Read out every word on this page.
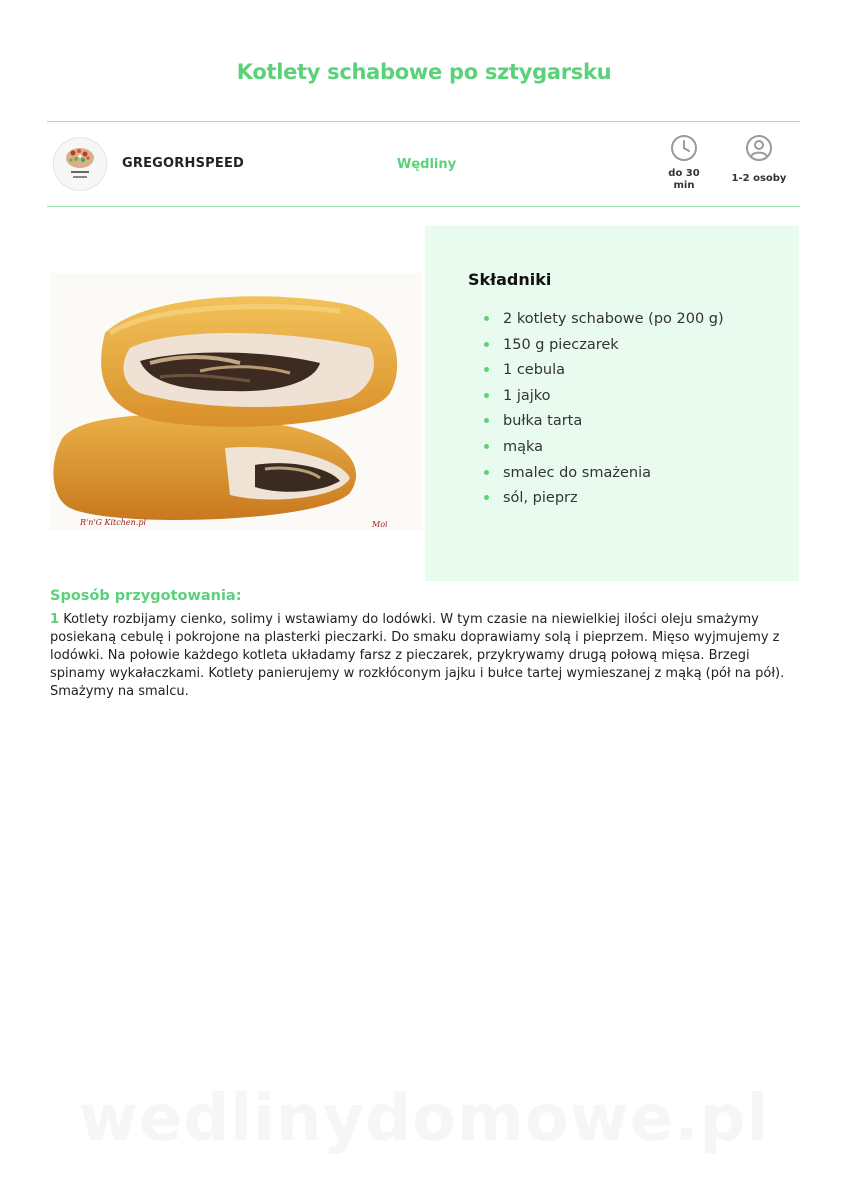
Kotlety schabowe po sztygarsku
GREGORHSPEED	Wędliny
do 30
min
1-2 osoby
R'n'G Kitchen.pl	Moi
Składniki
2 kotlety schabowe (po 200 g)
150 g pieczarek
1 cebula
1 jajko
bułka tarta
mąka
smalec do smażenia
sól, pieprz
Sposób przygotowania:
1 Kotlety rozbijamy cienko, solimy i wstawiamy do lodówki. W tym czasie na niewielkiej ilości oleju smażymy posiekaną cebulę i pokrojone na plasterki pieczarki. Do smaku doprawiamy solą i pieprzem. Mięso wyjmujemy z lodówki. Na połowie każdego kotleta układamy farsz z pieczarek, przykrywamy drugą połową mięsa. Brzegi spinamy wykałaczkami. Kotlety panierujemy w rozkłóconym jajku i bułce tartej wymieszanej z mąką (pół na pół). Smażymy na smalcu.
wedlinydomowe.pl
